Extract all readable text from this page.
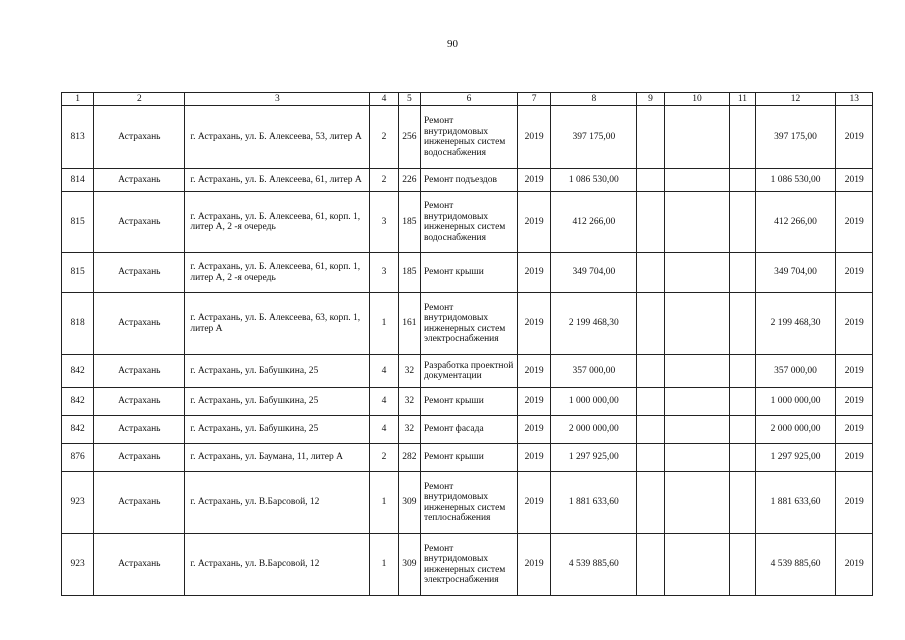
90
1	2	3	4	5	6	7	8	9	10	11	12	13
813	Астрахань	г. Астрахань, ул. Б. Алексеева, 53, литер А	2	256	Ремонт внутридомовых инженерных систем водоснабжения	2019	397 175,00				397 175,00	2019
814	Астрахань	г. Астрахань, ул. Б. Алексеева, 61, литер А	2	226	Ремонт подъездов	2019	1 086 530,00				1 086 530,00	2019
815	Астрахань	г. Астрахань, ул. Б. Алексеева, 61, корп. 1, литер А, 2 -я очередь	3	185	Ремонт внутридомовых инженерных систем водоснабжения	2019	412 266,00				412 266,00	2019
815	Астрахань	г. Астрахань, ул. Б. Алексеева, 61, корп. 1, литер А, 2 -я очередь	3	185	Ремонт крыши	2019	349 704,00				349 704,00	2019
818	Астрахань	г. Астрахань, ул. Б. Алексеева, 63, корп. 1, литер А	1	161	Ремонт внутридомовых инженерных систем электроснабжения	2019	2 199 468,30				2 199 468,30	2019
842	Астрахань	г. Астрахань, ул. Бабушкина, 25	4	32	Разработка проектной документации	2019	357 000,00				357 000,00	2019
842	Астрахань	г. Астрахань, ул. Бабушкина, 25	4	32	Ремонт крыши	2019	1 000 000,00				1 000 000,00	2019
842	Астрахань	г. Астрахань, ул. Бабушкина, 25	4	32	Ремонт фасада	2019	2 000 000,00				2 000 000,00	2019
876	Астрахань	г. Астрахань, ул. Баумана, 11, литер А	2	282	Ремонт крыши	2019	1 297 925,00				1 297 925,00	2019
923	Астрахань	г. Астрахань, ул. В.Барсовой, 12	1	309	Ремонт внутридомовых инженерных систем теплоснабжения	2019	1 881 633,60				1 881 633,60	2019
923	Астрахань	г. Астрахань, ул. В.Барсовой, 12	1	309	Ремонт внутридомовых инженерных систем электроснабжения	2019	4 539 885,60				4 539 885,60	2019
